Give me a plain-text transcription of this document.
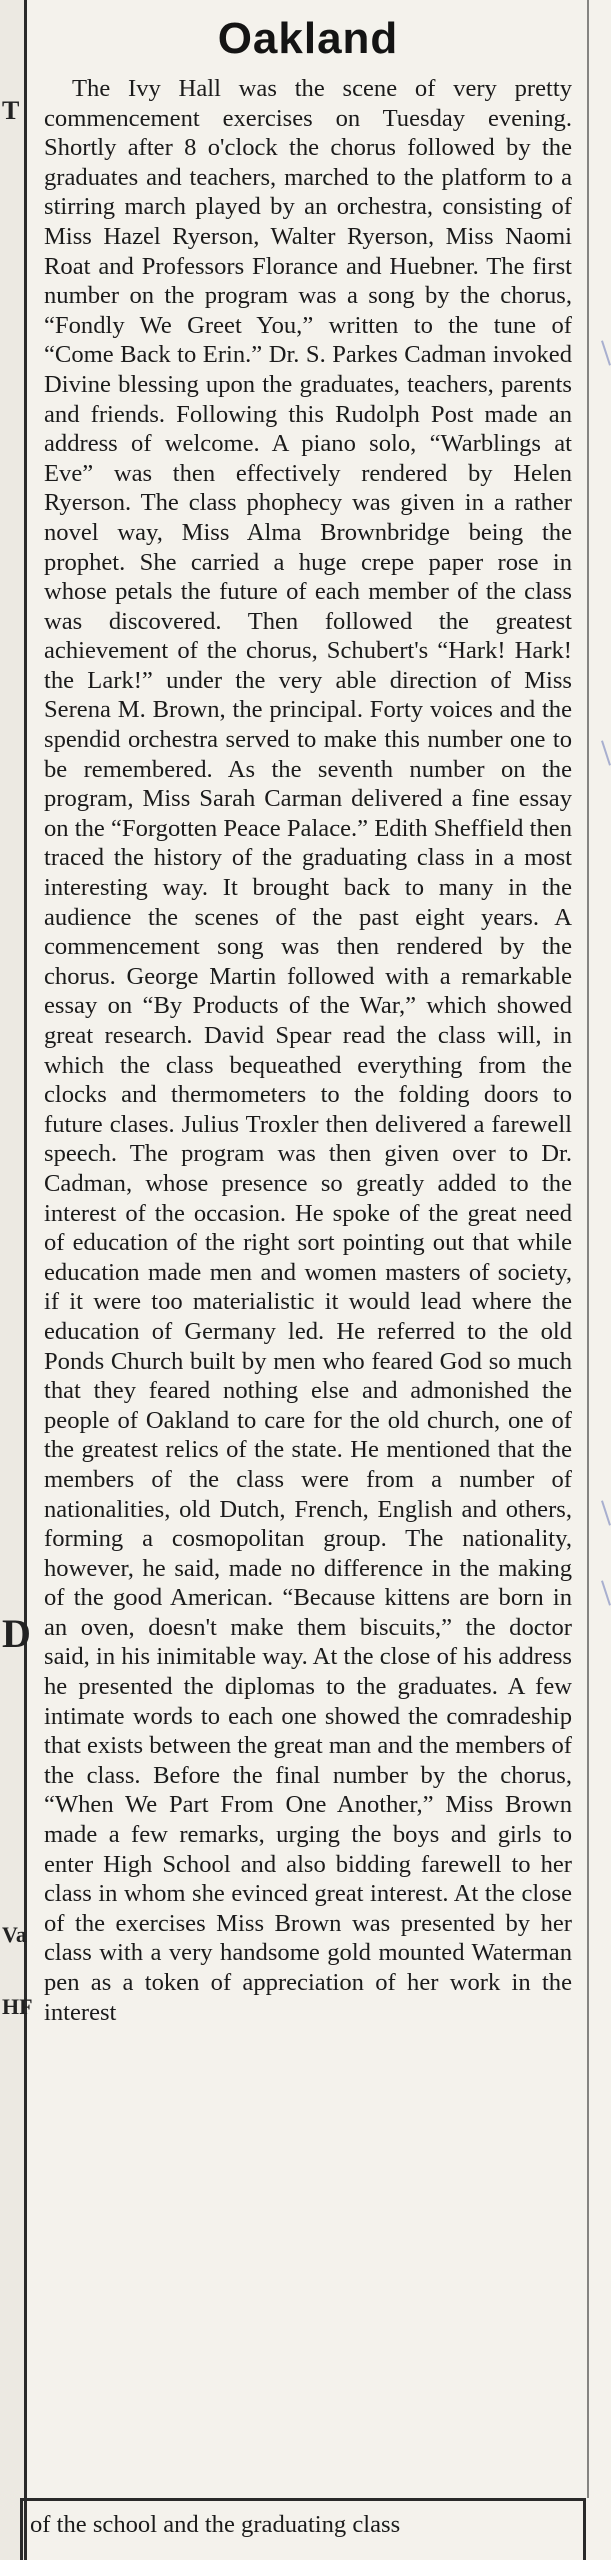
T
D
Va
HF
Oakland

The Ivy Hall was the scene of very pretty commencement exercises on Tuesday evening. Shortly after 8 o'clock the chorus followed by the graduates and teachers, marched to the platform to a stirring march played by an orchestra, consisting of Miss Hazel Ryerson, Walter Ryerson, Miss Naomi Roat and Professors Florance and Huebner. The first number on the program was a song by the chorus, “Fondly We Greet You,” written to the tune of “Come Back to Erin.” Dr. S. Parkes Cadman invoked Divine blessing upon the graduates, teachers, parents and friends. Following this Rudolph Post made an address of welcome. A piano solo, “Warblings at Eve” was then effectively rendered by Helen Ryerson. The class phophecy was given in a rather novel way, Miss Alma Brownbridge being the prophet. She carried a huge crepe paper rose in whose petals the future of each member of the class was discovered. Then followed the greatest achievement of the chorus, Schubert's “Hark! Hark! the Lark!” under the very able direction of Miss Serena M. Brown, the principal. Forty voices and the spendid orchestra served to make this number one to be remembered. As the seventh number on the program, Miss Sarah Carman delivered a fine essay on the “Forgotten Peace Palace.” Edith Sheffield then traced the history of the graduating class in a most interesting way. It brought back to many in the audience the scenes of the past eight years. A commencement song was then rendered by the chorus. George Martin followed with a remarkable essay on “By Products of the War,” which showed great research. David Spear read the class will, in which the class bequeathed everything from the clocks and thermometers to the folding doors to future clases. Julius Troxler then delivered a farewell speech. The program was then given over to Dr. Cadman, whose presence so greatly added to the interest of the occasion. He spoke of the great need of education of the right sort pointing out that while education made men and women masters of society, if it were too materialistic it would lead where the education of Germany led. He referred to the old Ponds Church built by men who feared God so much that they feared nothing else and admonished the people of Oakland to care for the old church, one of the greatest relics of the state. He mentioned that the members of the class were from a number of nationalities, old Dutch, French, English and others, forming a cosmopolitan group. The nationality, however, he said, made no difference in the making of the good American. “Because kittens are born in an oven, doesn't make them biscuits,” the doctor said, in his inimitable way. At the close of his address he presented the diplomas to the graduates. A few intimate words to each one showed the comradeship that exists between the great man and the members of the class. Before the final number by the chorus, “When We Part From One Another,” Miss Brown made a few remarks, urging the boys and girls to enter High School and also bidding farewell to her class in whom she evinced great interest. At the close of the exercises Miss Brown was presented by her class with a very handsome gold mounted Waterman pen as a token of appreciation of her work in the interest

of the school and the graduating class
